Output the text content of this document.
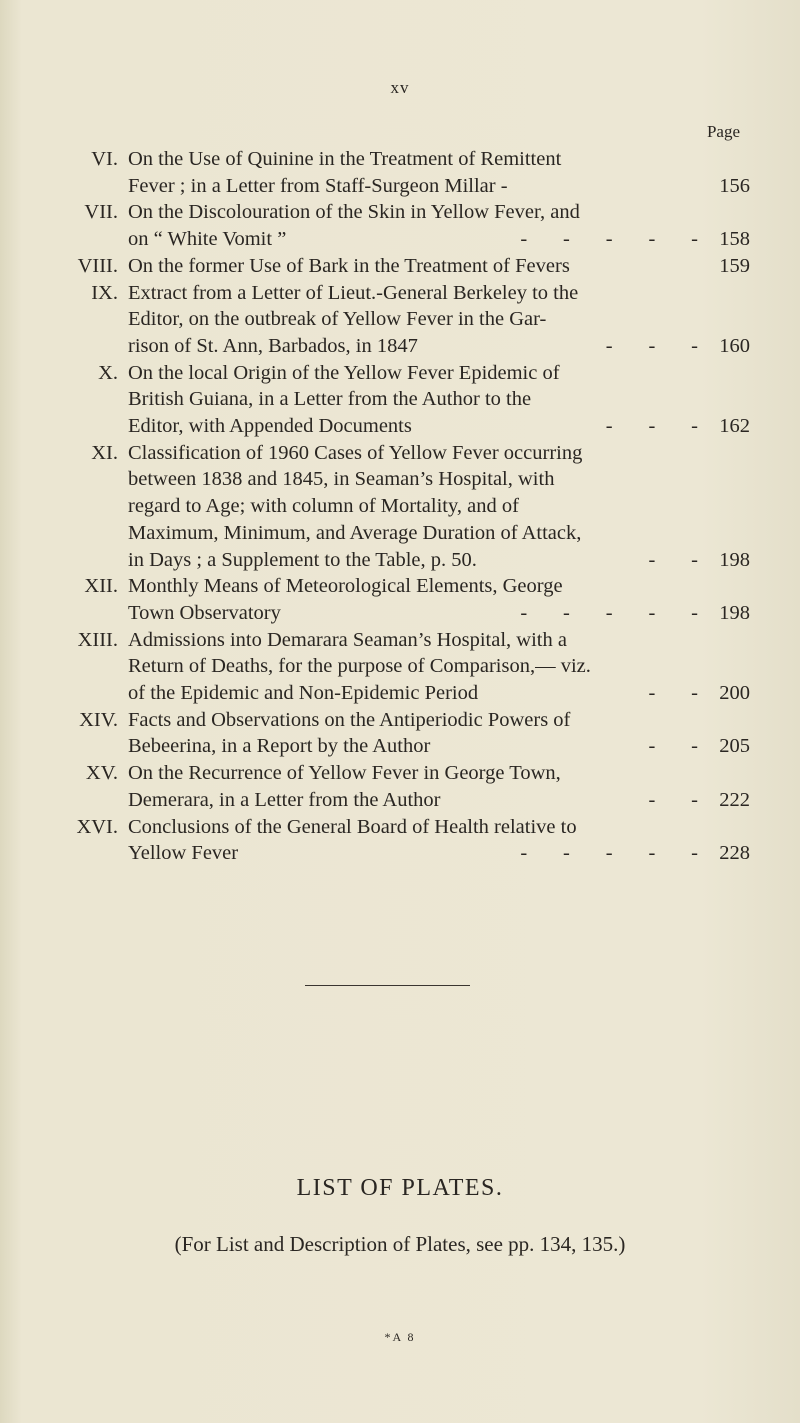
xv
Page
VI. On the Use of Quinine in the Treatment of Remittent
Fever ; in a Letter from Staff-Surgeon Millar -	156
VII. On the Discolouration of the Skin in Yellow Fever, and
on “ White Vomit ”	-       -       -       -       -	158
VIII. On the former Use of Bark in the Treatment of Fevers	159
IX. Extract from a Letter of Lieut.-General Berkeley to the
Editor, on the outbreak of Yellow Fever in the Gar-
rison of St. Ann, Barbados, in 1847	-       -       -	160
X. On the local Origin of the Yellow Fever Epidemic of
British Guiana, in a Letter from the Author to the
Editor, with Appended Documents	-       -       -	162
XI. Classification of 1960 Cases of Yellow Fever occurring
between 1838 and 1845, in Seaman’s Hospital, with
regard to Age; with column of Mortality, and of
Maximum, Minimum, and Average Duration of Attack,
in Days ; a Supplement to the Table, p. 50.	-       -	198
XII. Monthly Means of Meteorological Elements, George
Town Observatory	-       -       -       -       -	198
XIII. Admissions into Demarara Seaman’s Hospital, with a
Return of Deaths, for the purpose of Comparison,— viz.
of the Epidemic and Non-Epidemic Period	-       -	200
XIV. Facts and Observations on the Antiperiodic Powers of
Bebeerina, in a Report by the Author	-       -	205
XV. On the Recurrence of Yellow Fever in George Town,
Demerara, in a Letter from the Author	-       -	222
XVI. Conclusions of the General Board of Health relative to
Yellow Fever	-       -       -       -       -	228
LIST OF PLATES.
(For List and Description of Plates, see pp. 134, 135.)
*A 8
